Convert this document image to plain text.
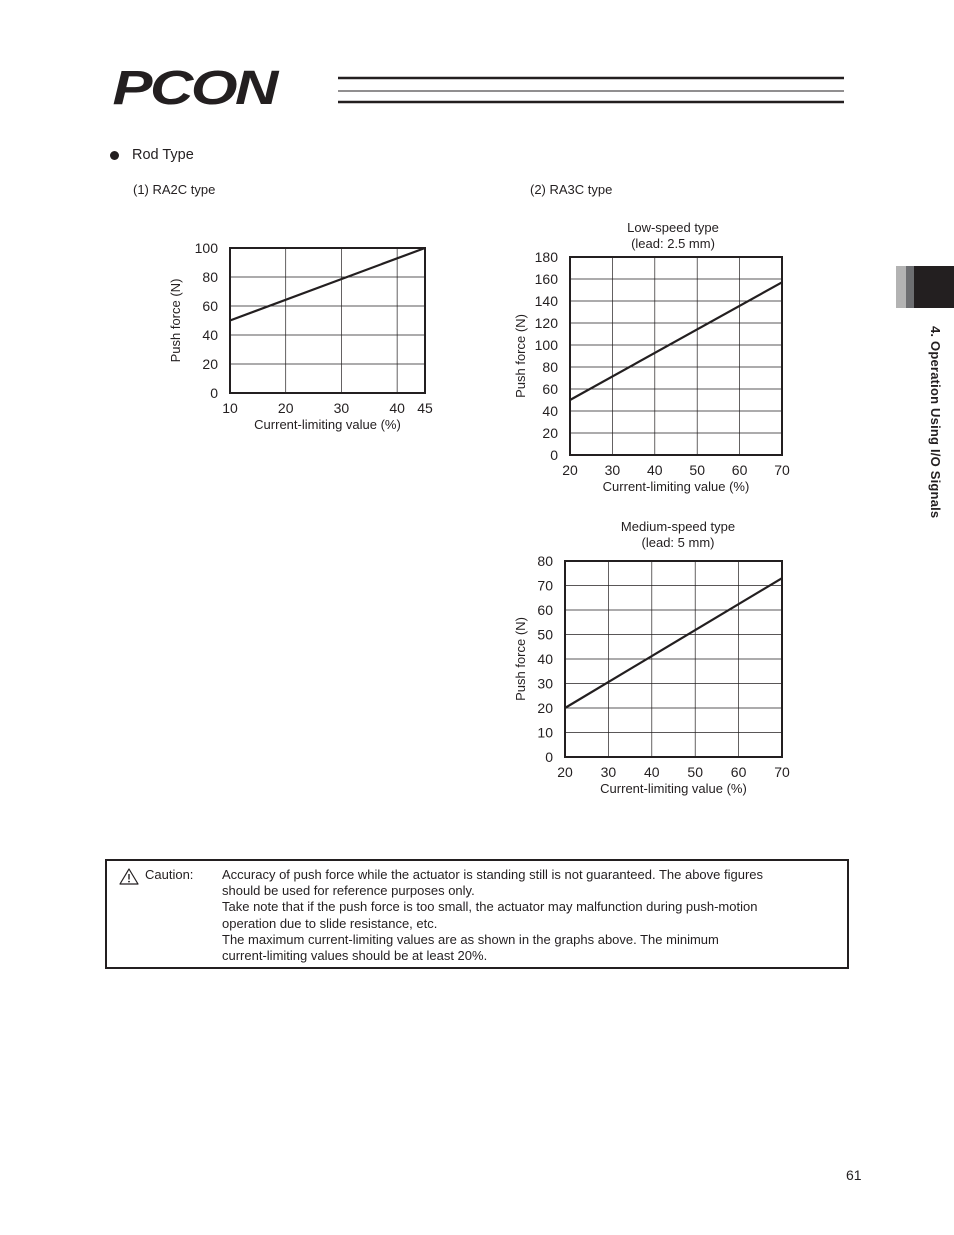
PCON
Rod Type
(1) RA2C type	(2) RA3C type
Low-speed type
(lead: 2.5 mm)
Medium-speed type
(lead: 5 mm)
10	20	30	40 45
0
20
40
60
80
100
Current-limiting value (%)
Push force (N)
20 30 40 50 60 70
0
20
40
60
80
100
120
140
160
180
Current-limiting value (%)
Push force (N)
20 30 40 50 60 70
0
10
20
30
40
50
60
70
80
Current-limiting value (%)
Push force (N)
4. Operation Using I/O Signals
Caution: Accuracy of push force while the actuator is standing still is not guaranteed. The above figures
should be used for reference purposes only.
Take note that if the push force is too small, the actuator may malfunction during push-motion
operation due to slide resistance, etc.
The maximum current-limiting values are as shown in the graphs above. The minimum
current-limiting values should be at least 20%.
61
